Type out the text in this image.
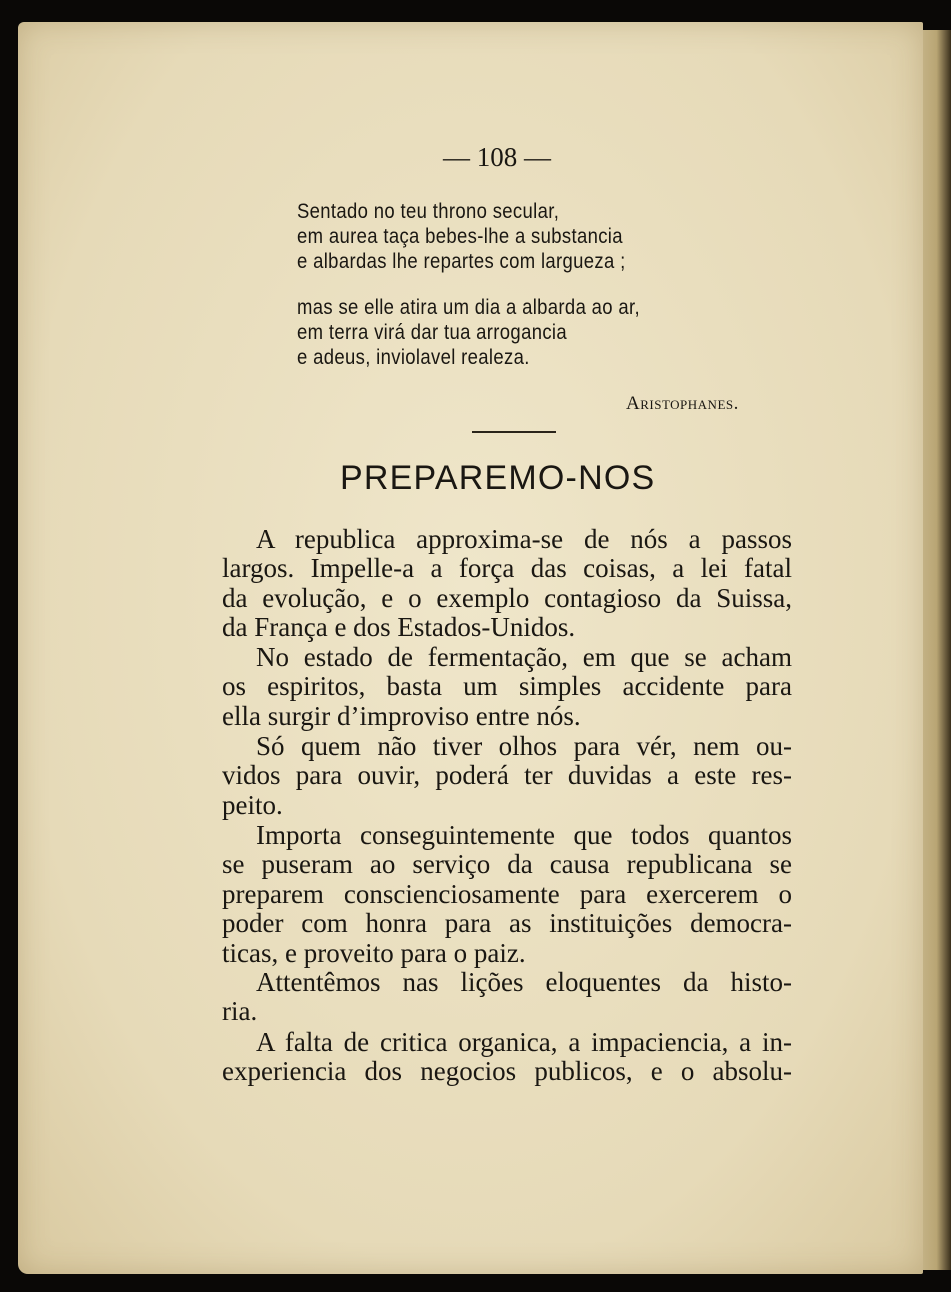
— 108 —
Sentado no teu throno secular,
em aurea taça bebes-lhe a substancia
e albardas lhe repartes com largueza ;
mas se elle atira um dia a albarda ao ar,
em terra virá dar tua arrogancia
e adeus, inviolavel realeza.
Aristophanes.
PREPAREMO-NOS
A republica approxima-se de nós a passos
largos. Impelle-a a força das coisas, a lei fatal
da evolução, e o exemplo contagioso da Suissa,
da França e dos Estados-Unidos.
No estado de fermentação, em que se acham
os espiritos, basta um simples accidente para
ella surgir d’improviso entre nós.
Só quem não tiver olhos para vér, nem ou-
vidos para ouvir, poderá ter duvidas a este res-
peito.
Importa conseguintemente que todos quantos
se puseram ao serviço da causa republicana se
preparem conscienciosamente para exercerem o
poder com honra para as instituições democra-
ticas, e proveito para o paiz.
Attentêmos nas lições eloquentes da histo-
ria.
A falta de critica organica, a impaciencia, a in-
experiencia dos negocios publicos, e o absolu-
